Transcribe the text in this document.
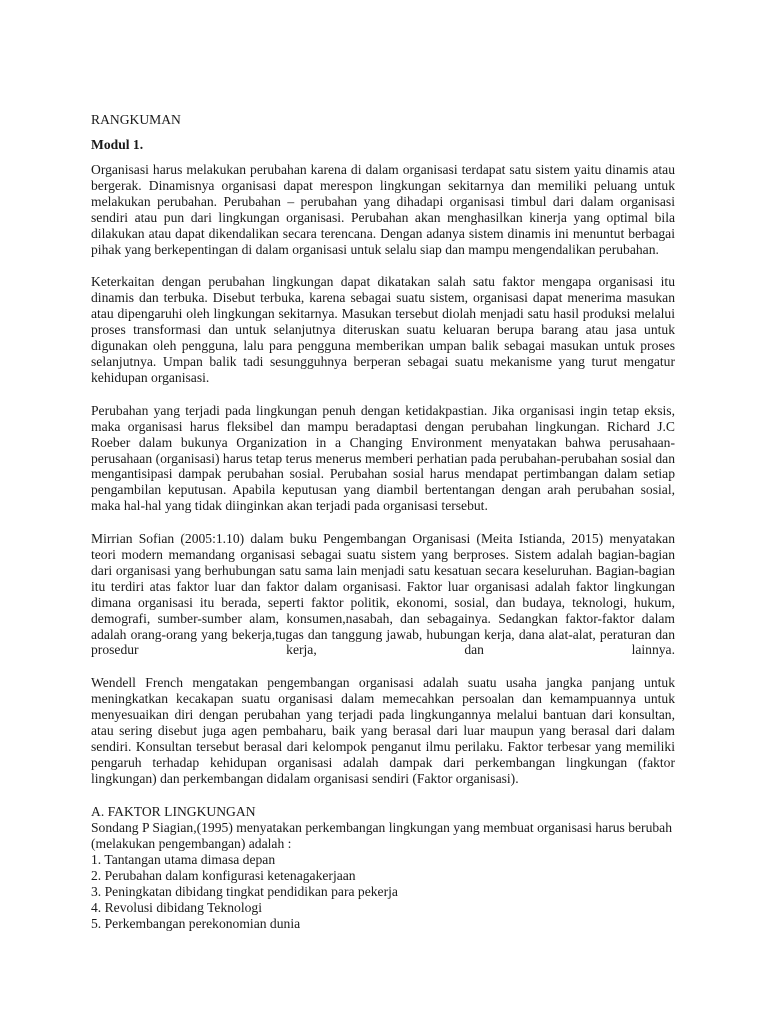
RANGKUMAN

Modul 1.

Organisasi harus melakukan perubahan karena di dalam organisasi terdapat satu sistem yaitu dinamis atau bergerak. Dinamisnya organisasi dapat merespon lingkungan sekitarnya dan memiliki peluang untuk melakukan perubahan. Perubahan – perubahan yang dihadapi organisasi timbul dari dalam organisasi sendiri atau pun dari lingkungan organisasi. Perubahan akan menghasilkan kinerja yang optimal bila dilakukan atau dapat dikendalikan secara terencana. Dengan adanya sistem dinamis ini menuntut berbagai pihak yang berkepentingan di dalam organisasi untuk selalu siap dan mampu mengendalikan perubahan.

Keterkaitan dengan perubahan lingkungan dapat dikatakan salah satu faktor mengapa organisasi itu dinamis dan terbuka. Disebut terbuka, karena sebagai suatu sistem, organisasi dapat menerima masukan atau dipengaruhi oleh lingkungan sekitarnya. Masukan tersebut diolah menjadi satu hasil produksi melalui proses transformasi dan untuk selanjutnya diteruskan suatu keluaran berupa barang atau jasa untuk digunakan oleh pengguna, lalu para pengguna memberikan umpan balik sebagai masukan untuk proses selanjutnya. Umpan balik tadi sesungguhnya berperan sebagai suatu mekanisme yang turut mengatur kehidupan organisasi.

Perubahan yang terjadi pada lingkungan penuh dengan ketidakpastian. Jika organisasi ingin tetap eksis, maka organisasi harus fleksibel dan mampu beradaptasi dengan perubahan lingkungan. Richard J.C Roeber dalam bukunya Organization in a Changing Environment menyatakan bahwa perusahaan-perusahaan (organisasi) harus tetap terus menerus memberi perhatian pada perubahan-perubahan sosial dan mengantisipasi dampak perubahan sosial. Perubahan sosial harus mendapat pertimbangan dalam setiap pengambilan keputusan. Apabila keputusan yang diambil bertentangan dengan arah perubahan sosial, maka hal-hal yang tidak diinginkan akan terjadi pada organisasi tersebut.

Mirrian Sofian (2005:1.10) dalam buku Pengembangan Organisasi (Meita Istianda, 2015) menyatakan teori modern memandang organisasi sebagai suatu sistem yang berproses. Sistem adalah bagian-bagian dari organisasi yang berhubungan satu sama lain menjadi satu kesatuan secara keseluruhan. Bagian-bagian itu terdiri atas faktor luar dan faktor dalam organisasi. Faktor luar organisasi adalah faktor lingkungan dimana organisasi itu berada, seperti faktor politik, ekonomi, sosial, dan budaya, teknologi, hukum, demografi, sumber-sumber alam, konsumen,nasabah, dan sebagainya. Sedangkan faktor-faktor dalam adalah orang-orang yang bekerja,tugas dan tanggung jawab, hubungan kerja, dana alat-alat, peraturan dan prosedur kerja, dan lainnya.

Wendell French mengatakan pengembangan organisasi adalah suatu usaha jangka panjang untuk meningkatkan kecakapan suatu organisasi dalam memecahkan persoalan dan kemampuannya untuk menyesuaikan diri dengan perubahan yang terjadi pada lingkungannya melalui bantuan dari konsultan, atau sering disebut juga agen pembaharu, baik yang berasal dari luar maupun yang berasal dari dalam sendiri. Konsultan tersebut berasal dari kelompok penganut ilmu perilaku. Faktor terbesar yang memiliki pengaruh terhadap kehidupan organisasi adalah dampak dari perkembangan lingkungan (faktor lingkungan) dan perkembangan didalam organisasi sendiri (Faktor organisasi).

A. FAKTOR LINGKUNGAN

Sondang P Siagian,(1995) menyatakan perkembangan lingkungan yang membuat organisasi harus berubah (melakukan pengembangan) adalah :

1. Tantangan utama dimasa depan
2. Perubahan dalam konfigurasi ketenagakerjaan
3. Peningkatan dibidang tingkat pendidikan para pekerja
4. Revolusi dibidang Teknologi
5. Perkembangan perekonomian dunia
